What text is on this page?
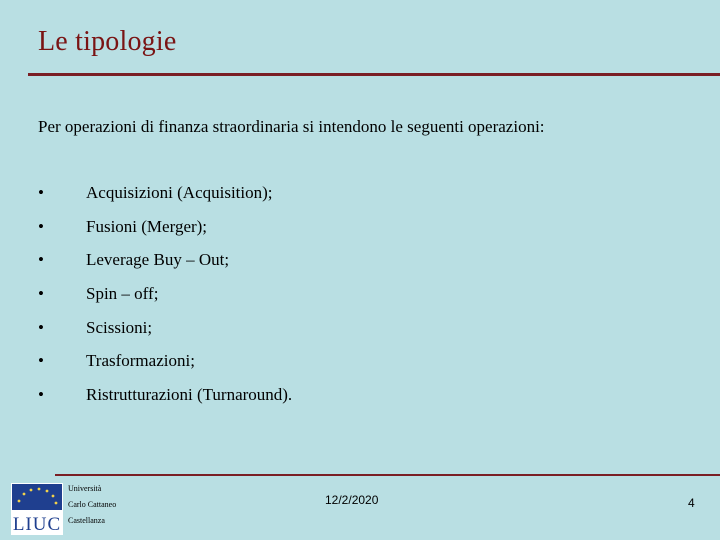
Le tipologie
Per operazioni di finanza straordinaria si intendono le seguenti operazioni:
•	Acquisizioni (Acquisition);
•	Fusioni (Merger);
•	Leverage Buy – Out;
•	Spin – off;
•	Scissioni;
•	Trasformazioni;
•	Ristrutturazioni (Turnaround).
LIUC
Università
Carlo Cattaneo
Castellanza
12/2/2020	4
